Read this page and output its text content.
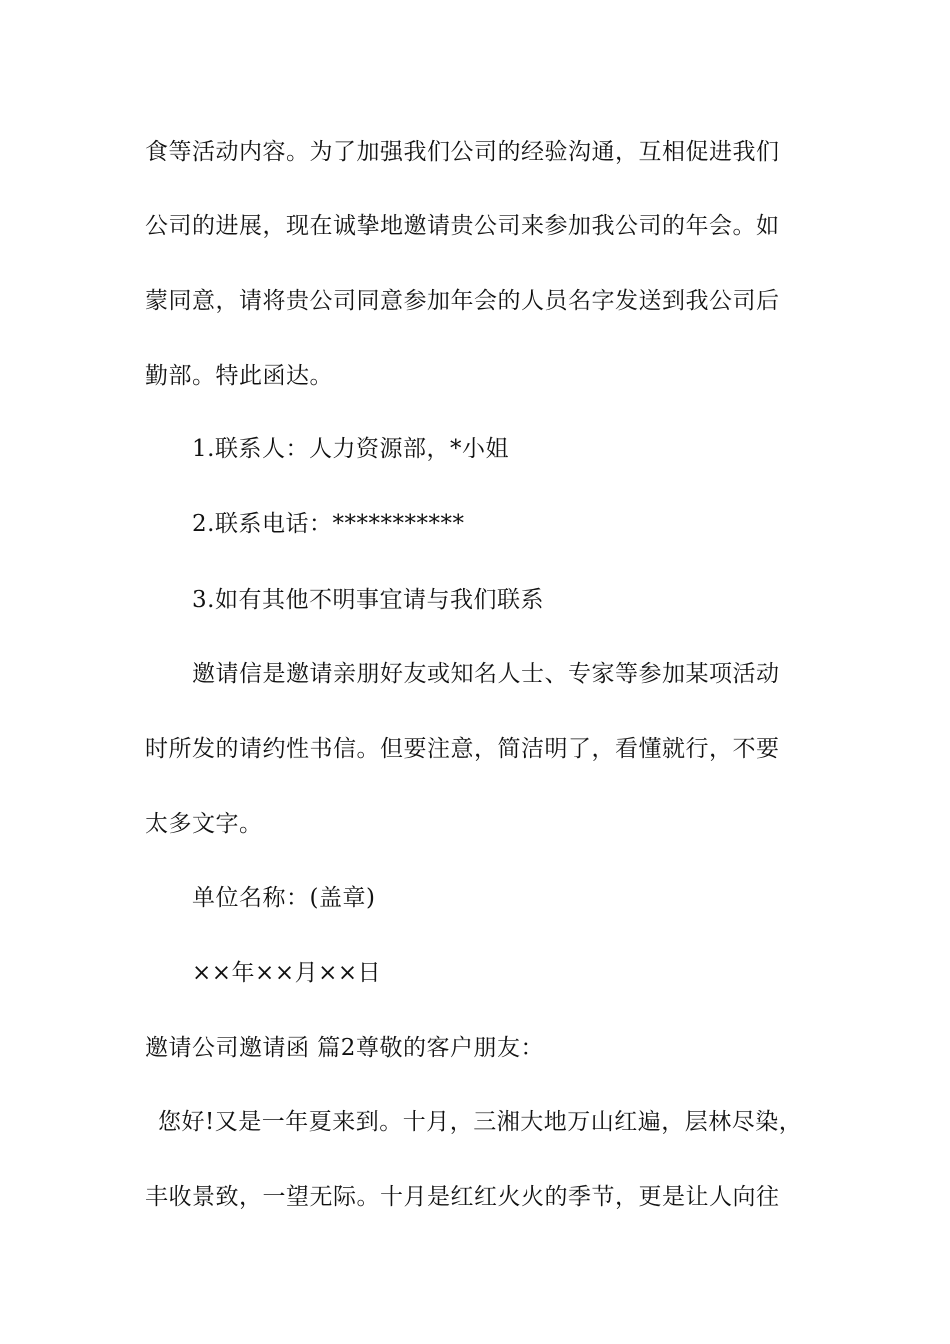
食等活动内容。为了加强我们公司的经验沟通，互相促进我们
公司的进展，现在诚挚地邀请贵公司来参加我公司的年会。如
蒙同意，请将贵公司同意参加年会的人员名字发送到我公司后
勤部。特此函达。
1.联系人：人力资源部，*小姐
2.联系电话：***********
3.如有其他不明事宜请与我们联系
邀请信是邀请亲朋好友或知名人士、专家等参加某项活动
时所发的请约性书信。但要注意，简洁明了，看懂就行，不要
太多文字。
单位名称：(盖章)
××年××月××日
邀请公司邀请函 篇2尊敬的客户朋友：
您好!又是一年夏来到。十月，三湘大地万山红遍，层林尽染，
丰收景致，一望无际。十月是红红火火的季节，更是让人向往
